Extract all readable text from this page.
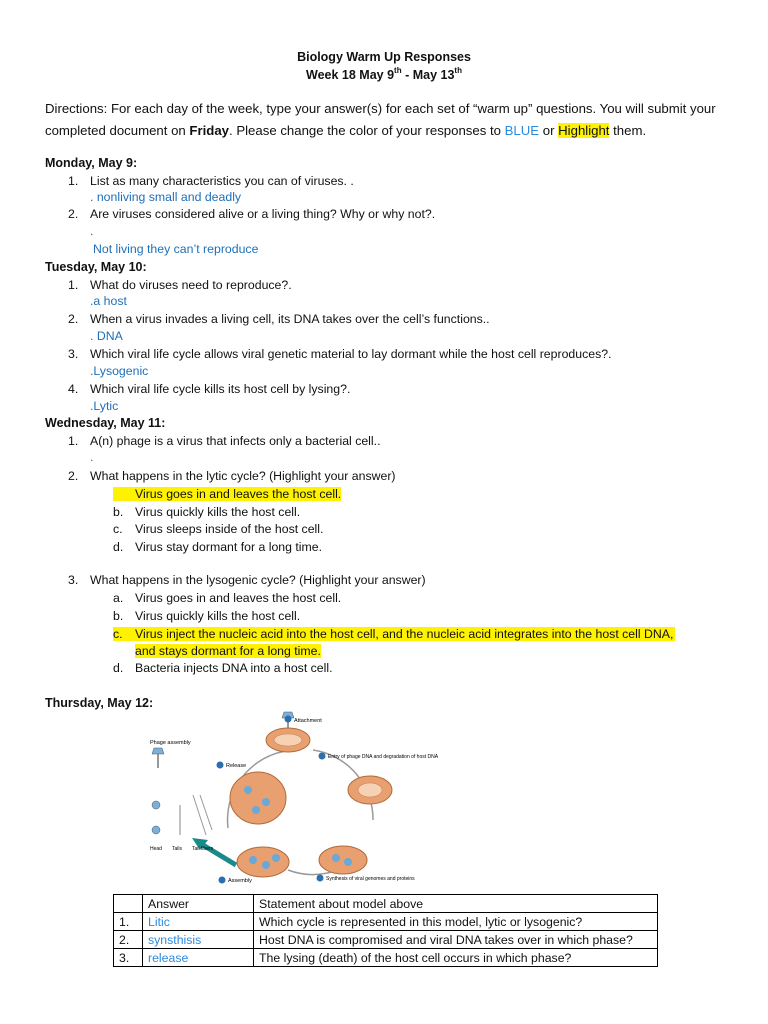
Biology Warm Up Responses
Week 18 May 9th - May 13th
Directions: For each day of the week, type your answer(s) for each set of “warm up” questions. You will submit your completed document on Friday. Please change the color of your responses to BLUE or Highlight them.
Monday, May 9:
1. List as many characteristics you can of viruses. .
. nonliving small and deadly
2. Are viruses considered alive or a living thing? Why or why not?.
.
Not living they can’t reproduce
Tuesday, May 10:
1. What do viruses need to reproduce?.
.a host
2. When a virus invades a living cell, its DNA takes over the cell’s functions..
. DNA
3. Which viral life cycle allows viral genetic material to lay dormant while the host cell reproduces?.
.Lysogenic
4. Which viral life cycle kills its host cell by lysing?.
.Lytic
Wednesday, May 11:
1. A(n) phage is a virus that infects only a bacterial cell..
.
2. What happens in the lytic cycle? (Highlight your answer)
Virus goes in and leaves the host cell.
b. Virus quickly kills the host cell.
c. Virus sleeps inside of the host cell.
d. Virus stay dormant for a long time.
3. What happens in the lysogenic cycle? (Highlight your answer)
a. Virus goes in and leaves the host cell.
b. Virus quickly kills the host cell.
c. Virus inject the nucleic acid into the host cell, and the nucleic acid integrates into the host cell DNA,
and stays dormant for a long time.
d. Bacteria injects DNA into a host cell.
Thursday, May 12:
Attachment
Entry of phage DNA and degradation of host DNA
Synthesis of viral genomes and proteins
Assembly
Release
Phage assembly
Head Tails Tail fibers
	Answer	Statement about model above
1.	Litic	Which cycle is represented in this model, lytic or lysogenic?
2.	synsthisis	Host DNA is compromised and viral DNA takes over in which phase?
3.	release	The lysing (death) of the host cell occurs in which phase?
